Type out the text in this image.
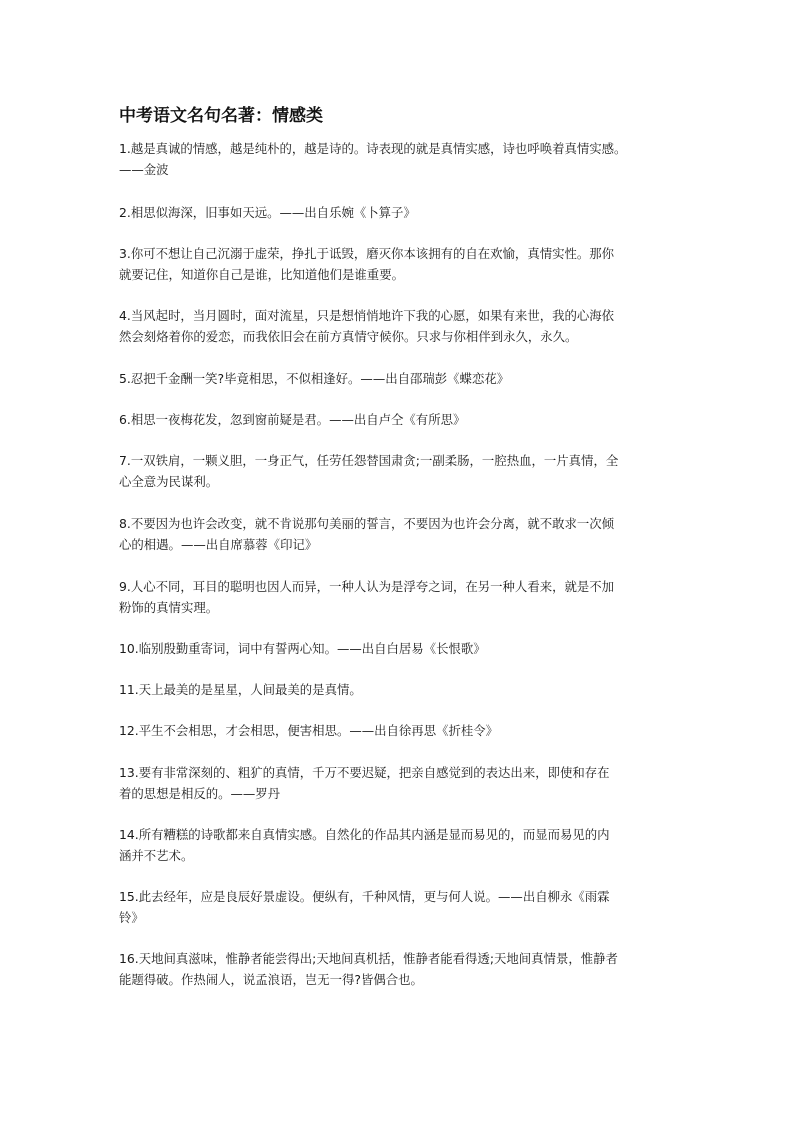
中考语文名句名著：情感类
1.越是真诚的情感，越是纯朴的，越是诗的。诗表现的就是真情实感，诗也呼唤着真情实感。
——金波
2.相思似海深，旧事如天远。——出自乐婉《卜算子》
3.你可不想让自己沉溺于虚荣，挣扎于诋毁，磨灭你本该拥有的自在欢愉，真情实性。那你
就要记住，知道你自己是谁，比知道他们是谁重要。
4.当风起时，当月圆时，面对流星，只是想悄悄地许下我的心愿，如果有来世，我的心海依
然会刻烙着你的爱恋，而我依旧会在前方真情守候你。只求与你相伴到永久，永久。
5.忍把千金酬一笑?毕竟相思，不似相逢好。——出自邵瑞彭《蝶恋花》
6.相思一夜梅花发，忽到窗前疑是君。——出自卢仝《有所思》
7.一双铁肩，一颗义胆，一身正气，任劳任怨替国肃贪;一副柔肠，一腔热血，一片真情，全
心全意为民谋利。
8.不要因为也许会改变，就不肯说那句美丽的誓言，不要因为也许会分离，就不敢求一次倾
心的相遇。——出自席慕蓉《印记》
9.人心不同，耳目的聪明也因人而异，一种人认为是浮夸之词，在另一种人看来，就是不加
粉饰的真情实理。
10.临别殷勤重寄词，词中有誓两心知。——出自白居易《长恨歌》
11.天上最美的是星星，人间最美的是真情。
12.平生不会相思，才会相思，便害相思。——出自徐再思《折桂令》
13.要有非常深刻的、粗犷的真情，千万不要迟疑，把亲自感觉到的表达出来，即使和存在
着的思想是相反的。——罗丹
14.所有糟糕的诗歌都来自真情实感。自然化的作品其内涵是显而易见的，而显而易见的内
涵并不艺术。
15.此去经年，应是良辰好景虚设。便纵有，千种风情，更与何人说。——出自柳永《雨霖
铃》
16.天地间真滋味，惟静者能尝得出;天地间真机括，惟静者能看得透;天地间真情景，惟静者
能题得破。作热闹人，说孟浪语，岂无一得?皆偶合也。
